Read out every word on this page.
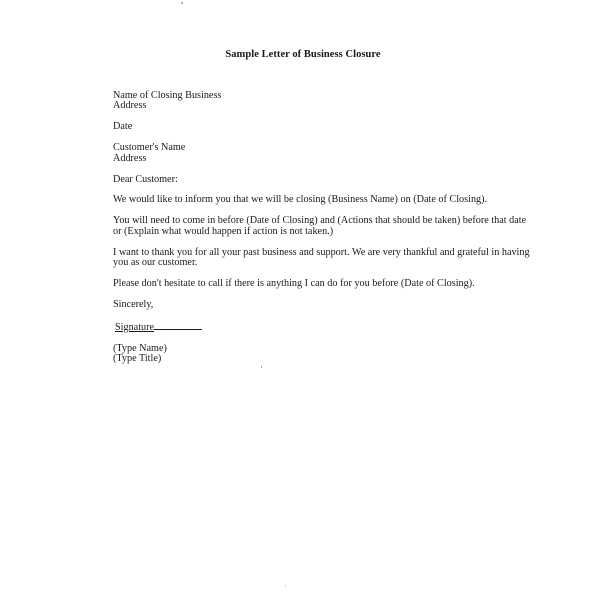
Sample Letter of Business Closure
Name of Closing Business
Address
Date
Customer's Name
Address
Dear Customer:
We would like to inform you that we will be closing (Business Name) on (Date of Closing).
You will need to come in before (Date of Closing) and (Actions that should be taken) before that date
or (Explain what would happen if action is not taken.)
I want to thank you for all your past business and support. We are very thankful and grateful in having
you as our customer.
Please don't hesitate to call if there is anything I can do for you before (Date of Closing).
Sincerely,
Signature
(Type Name)
(Type Title)
